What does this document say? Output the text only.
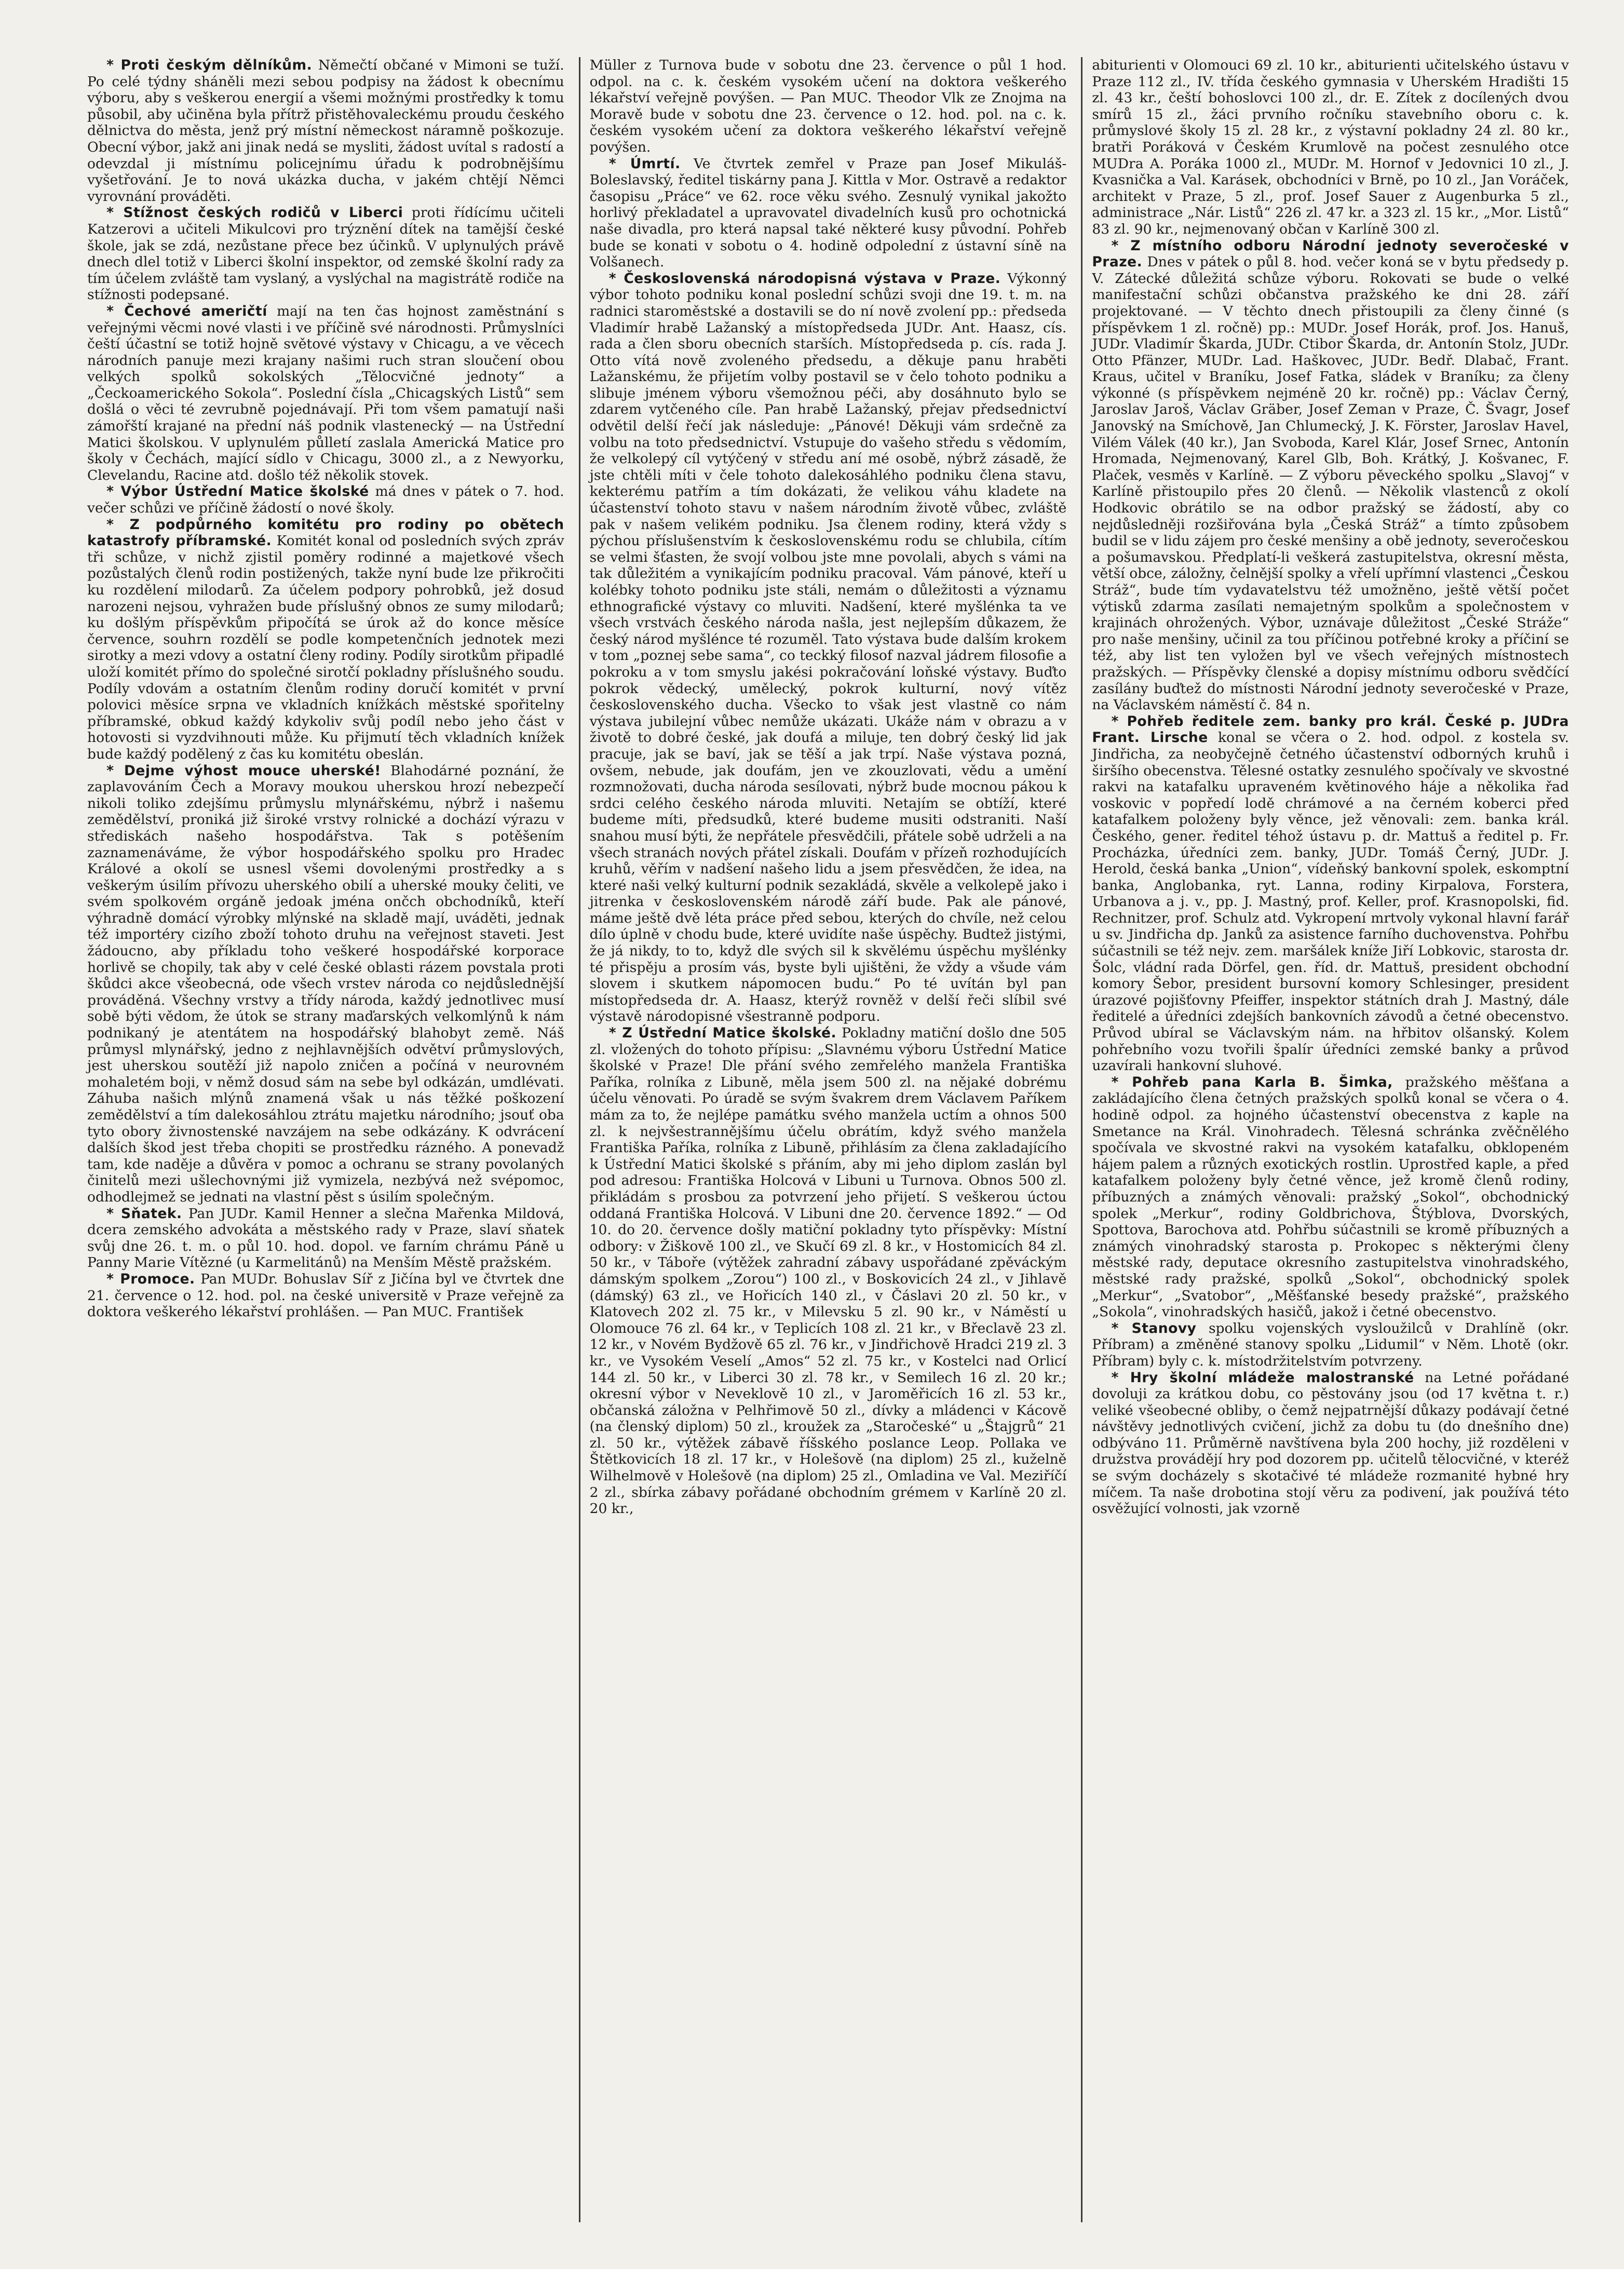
* Proti českým dělníkům. Němečtí občané v Mimoni se tuží. Po celé týdny sháněli mezi sebou podpisy na žádost k obecnímu výboru, aby s veškerou energií a všemi možnými prostředky k tomu působil, aby učiněna byla přítrž přistěhovaleckému proudu českého dělnictva do města, jenž prý místní německost náramně poškozuje. Obecní výbor, jakž ani jinak nedá se mysliti, žádost uvítal s radostí a odevzdal ji místnímu policejnímu úřadu k podrobnějšímu vyšetřování. Je to nová ukázka ducha, v jakém chtějí Němci vyrovnání prováděti.

* Stížnost českých rodičů v Liberci proti řídícímu učiteli Katzerovi a učiteli Mikulcovi pro trýznění dítek na tamější české škole, jak se zdá, nezůstane přece bez účinků. V uplynulých právě dnech dlel totiž v Liberci školní inspektor, od zemské školní rady za tím účelem zvláště tam vyslaný, a vyslýchal na magistrátě rodiče na stížnosti podepsané.

* Čechové američtí mají na ten čas hojnost zaměstnání s veřejnými věcmi nové vlasti i ve příčině své národnosti. Průmyslníci čeští účastní se totiž hojně světové výstavy v Chicagu, a ve věcech národních panuje mezi krajany našimi ruch stran sloučení obou velkých spolků sokolských „Tělocvičné jednoty“ a „Čeckoamerického Sokola“. Poslední čísla „Chicagských Listů“ sem došlá o věci té zevrubně pojednávají. Při tom všem pamatují naši zámořští krajané na přední náš podnik vlastenecký — na Ústřední Matici školskou. V uplynulém půlletí zaslala Americká Matice pro školy v Čechách, mající sídlo v Chicagu, 3000 zl., a z Newyorku, Clevelandu, Racine atd. došlo též několik stovek.

* Výbor Ústřední Matice školské má dnes v pátek o 7. hod. večer schůzi ve příčině žádostí o nové školy.

* Z podpůrného komitétu pro rodiny po obětech katastrofy příbramské. Komitét konal od posledních svých zpráv tři schůze, v nichž zjistil poměry rodinné a majetkové všech pozůstalých členů rodin postižených, takže nyní bude lze přikročiti ku rozdělení milodarů. Za účelem podpory pohrobků, jež dosud narozeni nejsou, vyhražen bude příslušný obnos ze sumy milodarů; ku došlým příspěvkům připočítá se úrok až do konce měsíce července, souhrn rozdělí se podle kompetenčních jednotek mezi sirotky a mezi vdovy a ostatní členy rodiny. Podíly sirotkům připadlé uloží komitét přímo do společné sirotčí pokladny příslušného soudu. Podíly vdovám a ostatním členům rodiny doručí komitét v první polovici měsíce srpna ve vkladních knížkách městské spořitelny příbramské, obkud každý kdykoliv svůj podíl nebo jeho část v hotovosti si vyzdvihnouti může. Ku přijmutí těch vkladních knížek bude každý podělený z čas ku komitétu obeslán.

* Dejme výhost mouce uherské! Blahodárné poznání, že zaplavováním Čech a Moravy moukou uherskou hrozí nebezpečí nikoli toliko zdejšímu průmyslu mlynářskému, nýbrž i našemu zemědělství, proniká již široké vrstvy rolnické a dochází výrazu v střediskách našeho hospodářstva. Tak s potěšením zaznamenáváme, že výbor hospodářského spolku pro Hradec Králové a okolí se usnesl všemi dovolenými prostředky a s veškerým úsilím přívozu uherského obilí a uherské mouky čeliti, ve svém spolkovém orgáně jedoak jména ončch obchodníků, kteří výhradně domácí výrobky mlýnské na skladě mají, uváděti, jednak též importéry cizího zboží tohoto druhu na veřejnost staveti. Jest žádoucno, aby příkladu toho veškeré hospodářské korporace horlivě se chopily, tak aby v celé české oblasti rázem povstala proti škůdci akce všeobecná, ode všech vrstev národa co nejdůslednější prováděná. Všechny vrstvy a třídy národa, každý jednotlivec musí sobě býti vědom, že útok se strany maďarských velkomlýnů k nám podnikaný je atentátem na hospodářský blahobyt země. Náš průmysl mlynářský, jedno z nejhlavnějších odvětví průmyslových, jest uherskou soutěží již napolo zničen a počíná v neurovném mohaletém boji, v němž dosud sám na sebe byl odkázán, umdlévati. Záhuba našich mlýnů znamená však u nás těžké poškození zemědělství a tím dalekosáhlou ztrátu majetku národního; jsouť oba tyto obory živnostenské navzájem na sebe odkázány. K odvrácení dalších škod jest třeba chopiti se prostředku rázného. A ponevadž tam, kde naděje a důvěra v pomoc a ochranu se strany povolaných činitelů mezi ušlechovnými již vymizela, nezbývá než svépomoc, odhodlejmež se jednati na vlastní pěst s úsilím společným.

* Sňatek. Pan JUDr. Kamil Henner a slečna Mařenka Mildová, dcera zemského advokáta a městského rady v Praze, slaví sňatek svůj dne 26. t. m. o půl 10. hod. dopol. ve farním chrámu Páně u Panny Marie Vítězné (u Karmelitánů) na Menším Městě pražském.

* Promoce. Pan MUDr. Bohuslav Síř z Jičína byl ve čtvrtek dne 21. července o 12. hod. pol. na české universitě v Praze veřejně za doktora veškerého lékařství prohlášen. — Pan MUC. František

Müller z Turnova bude v sobotu dne 23. července o půl 1 hod. odpol. na c. k. českém vysokém učení na doktora veškerého lékařství veřejně povýšen. — Pan MUC. Theodor Vlk ze Znojma na Moravě bude v sobotu dne 23. července o 12. hod. pol. na c. k. českém vysokém učení za doktora veškerého lékařství veřejně povýšen.

* Úmrtí. Ve čtvrtek zemřel v Praze pan Josef Mikuláš-Boleslavský, ředitel tiskárny pana J. Kittla v Mor. Ostravě a redaktor časopisu „Práce“ ve 62. roce věku svého. Zesnulý vynikal jakožto horlivý překladatel a upravovatel divadelních kusů pro ochotnická naše divadla, pro která napsal také některé kusy původní. Pohřeb bude se konati v sobotu o 4. hodině odpolední z ústavní síně na Volšanech.

* Československá národopisná výstava v Praze. Výkonný výbor tohoto podniku konal poslední schůzi svoji dne 19. t. m. na radnici staroměstské a dostavili se do ní nově zvolení pp.: předseda Vladimír hrabě Lažanský a místopředseda JUDr. Ant. Haasz, cís. rada a člen sboru obecních starších. Místopředseda p. cís. rada J. Otto vítá nově zvoleného předsedu, a děkuje panu hraběti Lažanskému, že přijetím volby postavil se v čelo tohoto podniku a slibuje jménem výboru všemožnou péči, aby dosáhnuto bylo se zdarem vytčeného cíle. Pan hrabě Lažanský, přejav předsednictví odvětil delší řečí jak následuje: „Pánové! Děkuji vám srdečně za volbu na toto předsednictví. Vstupuje do vašeho středu s vědomím, že velkolepý cíl vytýčený v středu aní mé osobě, nýbrž zásadě, že jste chtěli míti v čele tohoto dalekosáhlého podniku člena stavu, kekterému patřím a tím dokázati, že velikou váhu kladete na účastenství tohoto stavu v našem národním životě vůbec, zvláště pak v našem velikém podniku. Jsa členem rodiny, která vždy s pýchou příslušenstvím k československému rodu se chlubila, cítím se velmi šťasten, že svojí volbou jste mne povolali, abych s vámi na tak důležitém a vynikajícím podniku pracoval. Vám pánové, kteří u kolébky tohoto podniku jste stáli, nemám o důležitosti a významu ethnografické výstavy co mluviti. Nadšení, které myšlénka ta ve všech vrstvách českého národa našla, jest nejlepším důkazem, že český národ myšlénce té rozuměl. Tato výstava bude dalším krokem v tom „poznej sebe sama“, co teckký filosof nazval jádrem filosofie a pokroku a v tom smyslu jakési pokračování loňské výstavy. Buďto pokrok vědecký, umělecký, pokrok kulturní, nový vítěz československého ducha. Všecko to však jest vlastně co nám výstava jubilejní vůbec nemůže ukázati. Ukáže nám v obrazu a v životě to dobré české, jak doufá a miluje, ten dobrý český lid jak pracuje, jak se baví, jak se těší a jak trpí. Naše výstava pozná, ovšem, nebude, jak doufám, jen ve zkouzlovati, vědu a umění rozmnožovati, ducha národa sesílovati, nýbrž bude mocnou pákou k srdci celého českého národa mluviti. Netajím se obtíží, které budeme míti, předsudků, které budeme musiti odstraniti. Naší snahou musí býti, že nepřátele přesvědčili, přátele sobě udrželi a na všech stranách nových přátel získali. Doufám v přízeň rozhodujících kruhů, věřím v nadšení našeho lidu a jsem přesvědčen, že idea, na které naši velký kulturní podnik sezakládá, skvěle a velkolepě jako i jitrenka v československém národě září bude. Pak ale pánové, máme ještě dvě léta práce před sebou, kterých do chvíle, než celou dílo úplně v chodu bude, které uvidíte naše úspěchy. Budtež jistými, že já nikdy, to to, když dle svých sil k skvělému úspěchu myšlénky té přispěju a prosím vás, byste byli ujištěni, že vždy a všude vám slovem i skutkem nápomocen budu.“ Po té uvítán byl pan místopředseda dr. A. Haasz, kterýž rovněž v delší řeči slíbil své výstavě národopisné všestranně podporu.

* Z Ústřední Matice školské. Pokladny matiční došlo dne 505 zl. vložených do tohoto přípisu: „Slavnému výboru Ústřední Matice školské v Praze! Dle přání svého zemřelého manžela Františka Paříka, rolníka z Libuně, měla jsem 500 zl. na nějaké dobrému účelu věnovati. Po úradě se svým švakrem drem Václavem Paříkem mám za to, že nejlépe památku svého manžela uctím a ohnos 500 zl. k nejvšestrannějšímu účelu obrátím, když svého manžela Františka Paříka, rolníka z Libuně, přihlásím za člena zakladajícího k Ústřední Matici školské s přáním, aby mi jeho diplom zaslán byl pod adresou: Františka Holcová v Libuni u Turnova. Obnos 500 zl. přikládám s prosbou za potvrzení jeho přijetí. S veškerou úctou oddaná Františka Holcová. V Libuni dne 20. července 1892.“ — Od 10. do 20. července došly matiční pokladny tyto příspěvky: Místní odbory: v Žiškově 100 zl., ve Skučí 69 zl. 8 kr., v Hostomicích 84 zl. 50 kr., v Táboře (výtěžek zahradní zábavy uspořádané zpěváckým dámským spolkem „Zorou“) 100 zl., v Boskovicích 24 zl., v Jihlavě (dámský) 63 zl., ve Hořicích 140 zl., v Čáslavi 20 zl. 50 kr., v Klatovech 202 zl. 75 kr., v Milevsku 5 zl. 90 kr., v Náměstí u Olomouce 76 zl. 64 kr., v Teplicích 108 zl. 21 kr., v Břeclavě 23 zl. 12 kr., v Novém Bydžově 65 zl. 76 kr., v Jindřichově Hradci 219 zl. 3 kr., ve Vysokém Veselí „Amos“ 52 zl. 75 kr., v Kostelci nad Orlicí 144 zl. 50 kr., v Liberci 30 zl. 78 kr., v Semilech 16 zl. 20 kr.; okresní výbor v Neveklově 10 zl., v Jaroměřicích 16 zl. 53 kr., občanská záložna v Pelhřimově 50 zl., dívky a mládenci v Kácově (na členský diplom) 50 zl., kroužek za „Staročeské“ u „Štajgrů“ 21 zl. 50 kr., výtěžek zábavě říšského poslance Leop. Pollaka ve Štětkovicích 18 zl. 17 kr., v Holešově (na diplom) 25 zl., kuželně Wilhelmově v Holešově (na diplom) 25 zl., Omladina ve Val. Meziříčí 2 zl., sbírka zábavy pořádané obchodním grémem v Karlíně 20 zl. 20 kr.,

abiturienti v Olomouci 69 zl. 10 kr., abiturienti učitelského ústavu v Praze 112 zl., IV. třída českého gymnasia v Uherském Hradišti 15 zl. 43 kr., čeští bohoslovci 100 zl., dr. E. Zítek z docílených dvou smírů 15 zl., žáci prvního ročníku stavebního oboru c. k. průmyslové školy 15 zl. 28 kr., z výstavní pokladny 24 zl. 80 kr., bratři Poráková v Českém Krumlově na počest zesnulého otce MUDra A. Poráka 1000 zl., MUDr. M. Hornof v Jedovnici 10 zl., J. Kvasnička a Val. Karásek, obchodníci v Brně, po 10 zl., Jan Voráček, architekt v Praze, 5 zl., prof. Josef Sauer z Augenburka 5 zl., administrace „Nár. Listů“ 226 zl. 47 kr. a 323 zl. 15 kr., „Mor. Listů“ 83 zl. 90 kr., nejmenovaný občan v Karlíně 300 zl.

* Z místního odboru Národní jednoty severočeské v Praze. Dnes v pátek o půl 8. hod. večer koná se v bytu předsedy p. V. Zátecké důležitá schůze výboru. Rokovati se bude o velké manifestační schůzi občanstva pražského ke dni 28. září projektované. — V těchto dnech přistoupili za členy činné (s příspěvkem 1 zl. ročně) pp.: MUDr. Josef Horák, prof. Jos. Hanuš, JUDr. Vladimír Škarda, JUDr. Ctibor Škarda, dr. Antonín Stolz, JUDr. Otto Pfänzer, MUDr. Lad. Haškovec, JUDr. Bedř. Dlabač, Frant. Kraus, učitel v Braníku, Josef Fatka, sládek v Braníku; za členy výkonné (s příspěvkem nejméně 20 kr. ročně) pp.: Václav Černý, Jaroslav Jaroš, Václav Gräber, Josef Zeman v Praze, Č. Švagr, Josef Janovský na Smíchově, Jan Chlumecký, J. K. Förster, Jaroslav Havel, Vilém Válek (40 kr.), Jan Svoboda, Karel Klár, Josef Srnec, Antonín Hromada, Nejmenovaný, Karel Glb, Boh. Krátký, J. Košvanec, F. Plaček, vesměs v Karlíně. — Z výboru pěveckého spolku „Slavoj“ v Karlíně přistoupilo přes 20 členů. — Několik vlastenců z okolí Hodkovic obrátilo se na odbor pražský se žádostí, aby co nejdůsledněji rozšiřována byla „Česká Stráž“ a tímto způsobem budil se v lidu zájem pro české menšiny a obě jednoty, severočeskou a pošumavskou. Předplatí-li veškerá zastupitelstva, okresní města, větší obce, záložny, čelnější spolky a vřelí upřímní vlastenci „Českou Stráž“, bude tím vydavatelstvu též umožněno, ještě větší počet výtisků zdarma zasílati nemajetným spolkům a společnostem v krajinách ohrožených. Výbor, uznávaje důležitost „České Stráže“ pro naše menšiny, učinil za tou příčinou potřebné kroky a příčiní se též, aby list ten vyložen byl ve všech veřejných místnostech pražských. — Příspěvky členské a dopisy místnímu odboru svědčící zasílány buďtež do místnosti Národní jednoty severočeské v Praze, na Václavském náměstí č. 84 n.

* Pohřeb ředitele zem. banky pro král. České p. JUDra Frant. Lirsche konal se včera o 2. hod. odpol. z kostela sv. Jindřicha, za neobyčejně četného účastenství odborných kruhů i širšího obecenstva. Tělesné ostatky zesnulého spočívaly ve skvostné rakvi na katafalku upraveném květinového háje a několika řad voskovic v popředí lodě chrámové a na černém koberci před katafalkem položeny byly věnce, jež věnovali: zem. banka král. Českého, gener. ředitel téhož ústavu p. dr. Mattuš a ředitel p. Fr. Procházka, úředníci zem. banky, JUDr. Tomáš Černý, JUDr. J. Herold, česká banka „Union“, vídeňský bankovní spolek, eskomptní banka, Anglobanka, ryt. Lanna, rodiny Kirpalova, Forstera, Urbanova a j. v., pp. J. Mastný, prof. Keller, prof. Krasnopolski, fid. Rechnitzer, prof. Schulz atd. Vykropení mrtvoly vykonal hlavní farář u sv. Jindřicha dp. Janků za asistence farního duchovenstva. Pohřbu súčastnili se též nejv. zem. maršálek kníže Jiří Lobkovic, starosta dr. Šolc, vládní rada Dörfel, gen. říd. dr. Mattuš, president obchodní komory Šebor, president bursovní komory Schlesinger, president úrazové pojišťovny Pfeiffer, inspektor státních drah J. Mastný, dále ředitelé a úředníci zdejších bankovních závodů a četné obecenstvo. Průvod ubíral se Václavským nám. na hřbitov olšanský. Kolem pohřebního vozu tvořili špalír úředníci zemské banky a průvod uzavírali hankovní sluhové.

* Pohřeb pana Karla B. Šimka, pražského měšťana a zakládajícího člena četných pražských spolků konal se včera o 4. hodině odpol. za hojného účastenství obecenstva z kaple na Smetance na Král. Vinohradech. Tělesná schránka zvěčnělého spočívala ve skvostné rakvi na vysokém katafalku, obklopeném hájem palem a různých exotických rostlin. Uprostřed kaple, a před katafalkem položeny byly četné věnce, jež kromě členů rodiny, příbuzných a známých věnovali: pražský „Sokol“, obchodnický spolek „Merkur“, rodiny Goldbrichova, Štýblova, Dvorských, Spottova, Barochova atd. Pohřbu súčastnili se kromě příbuzných a známých vinohradský starosta p. Prokopec s některými členy městské rady, deputace okresního zastupitelstva vinohradského, městské rady pražské, spolků „Sokol“, obchodnický spolek „Merkur“, „Svatobor“, „Měšťanské besedy pražské“, pražského „Sokola“, vinohradských hasičů, jakož i četné obecenstvo.

* Stanovy spolku vojenských vysloužilců v Drahlíně (okr. Příbram) a změněné stanovy spolku „Lidumil“ v Něm. Lhotě (okr. Příbram) byly c. k. místodržitelstvím potvrzeny.

* Hry školní mládeže malostranské na Letné pořádané dovoluji za krátkou dobu, co pěstovány jsou (od 17 května t. r.) veliké všeobecné obliby, o čemž nejpatrnější důkazy podávají četné návštěvy jednotlivých cvičení, jichž za dobu tu (do dnešního dne) odbýváno 11. Průměrně navštívena byla 200 hochy, již rozděleni v družstva provádějí hry pod dozorem pp. učitelů tělocvičné, v kteréž se svým docházely s skotačivé té mládeže rozmanité hybné hry míčem. Ta naše drobotina stojí věru za podivení, jak používá této osvěžující volnosti, jak vzorně
